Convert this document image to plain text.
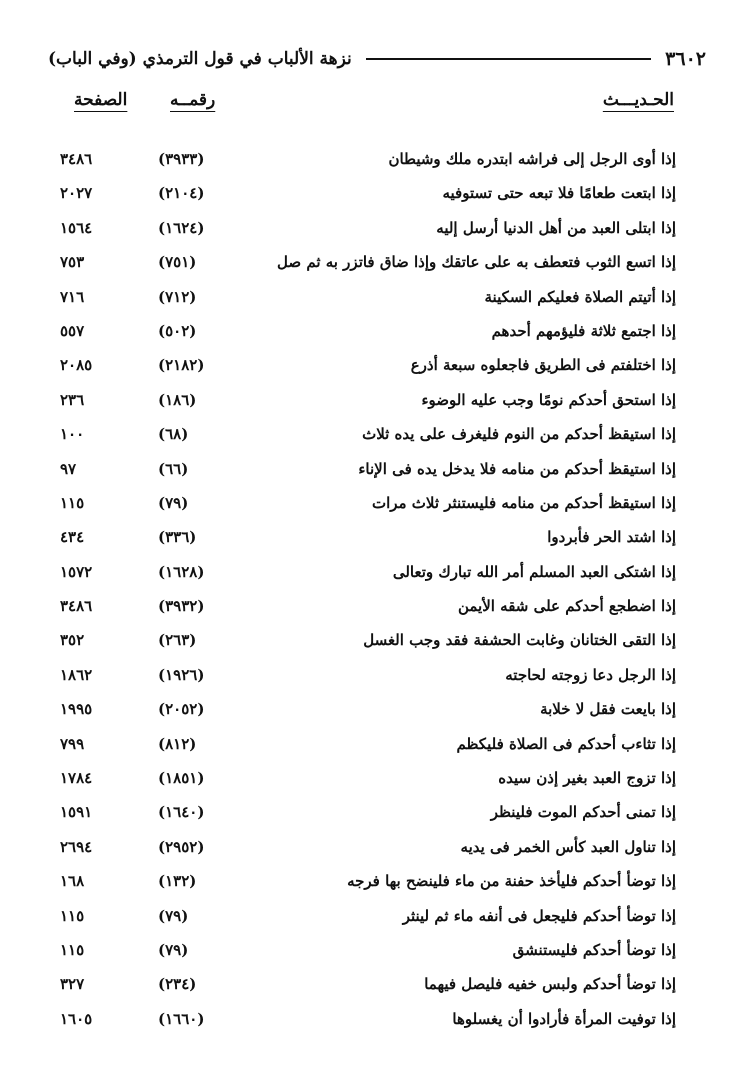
٣٦٠٢
نزهة الألباب في قول الترمذي (وفي الباب)
الحـديـــث
رقمــه
الصفحة
إذا أوى الرجل إلى فراشه ابتدره ملك وشيطان
(٣٩٣٣)
٣٤٨٦
إذا ابتعت طعامًا فلا تبعه حتى تستوفيه
(٢١٠٤)
٢٠٢٧
إذا ابتلى العبد من أهل الدنيا أرسل إليه
(١٦٢٤)
١٥٦٤
إذا اتسع الثوب فتعطف به على عاتقك وإذا ضاق فاتزر به ثم صل
(٧٥١)
٧٥٣
إذا أتيتم الصلاة فعليكم السكينة
(٧١٢)
٧١٦
إذا اجتمع ثلاثة فليؤمهم أحدهم
(٥٠٢)
٥٥٧
إذا اختلفتم فى الطريق فاجعلوه سبعة أذرع
(٢١٨٢)
٢٠٨٥
إذا استحق أحدكم نومًا وجب عليه الوضوء
(١٨٦)
٢٣٦
إذا استيقظ أحدكم من النوم فليغرف على يده ثلاث
(٦٨)
١٠٠
إذا استيقظ أحدكم من منامه فلا يدخل يده فى الإناء
(٦٦)
٩٧
إذا استيقظ أحدكم من منامه فليستنثر ثلاث مرات
(٧٩)
١١٥
إذا اشتد الحر فأبردوا
(٣٣٦)
٤٣٤
إذا اشتكى العبد المسلم أمر الله تبارك وتعالى
(١٦٢٨)
١٥٧٢
إذا اضطجع أحدكم على شقه الأيمن
(٣٩٣٢)
٣٤٨٦
إذا التقى الختانان وغابت الحشفة فقد وجب الغسل
(٢٦٣)
٣٥٢
إذا الرجل دعا زوجته لحاجته
(١٩٢٦)
١٨٦٢
إذا بايعت فقل لا خلابة
(٢٠٥٢)
١٩٩٥
إذا تثاءب أحدكم فى الصلاة فليكظم
(٨١٢)
٧٩٩
إذا تزوج العبد بغير إذن سيده
(١٨٥١)
١٧٨٤
إذا تمنى أحدكم الموت فلينظر
(١٦٤٠)
١٥٩١
إذا تناول العبد كأس الخمر فى يديه
(٢٩٥٢)
٢٦٩٤
إذا توضأ أحدكم فليأخذ حفنة من ماء فلينضح بها فرجه
(١٣٢)
١٦٨
إذا توضأ أحدكم فليجعل فى أنفه ماء ثم لينثر
(٧٩)
١١٥
إذا توضأ أحدكم فليستنشق
(٧٩)
١١٥
إذا توضأ أحدكم ولبس خفيه فليصل فيهما
(٢٣٤)
٣٢٧
إذا توفيت المرأة فأرادوا أن يغسلوها
(١٦٦٠)
١٦٠٥
